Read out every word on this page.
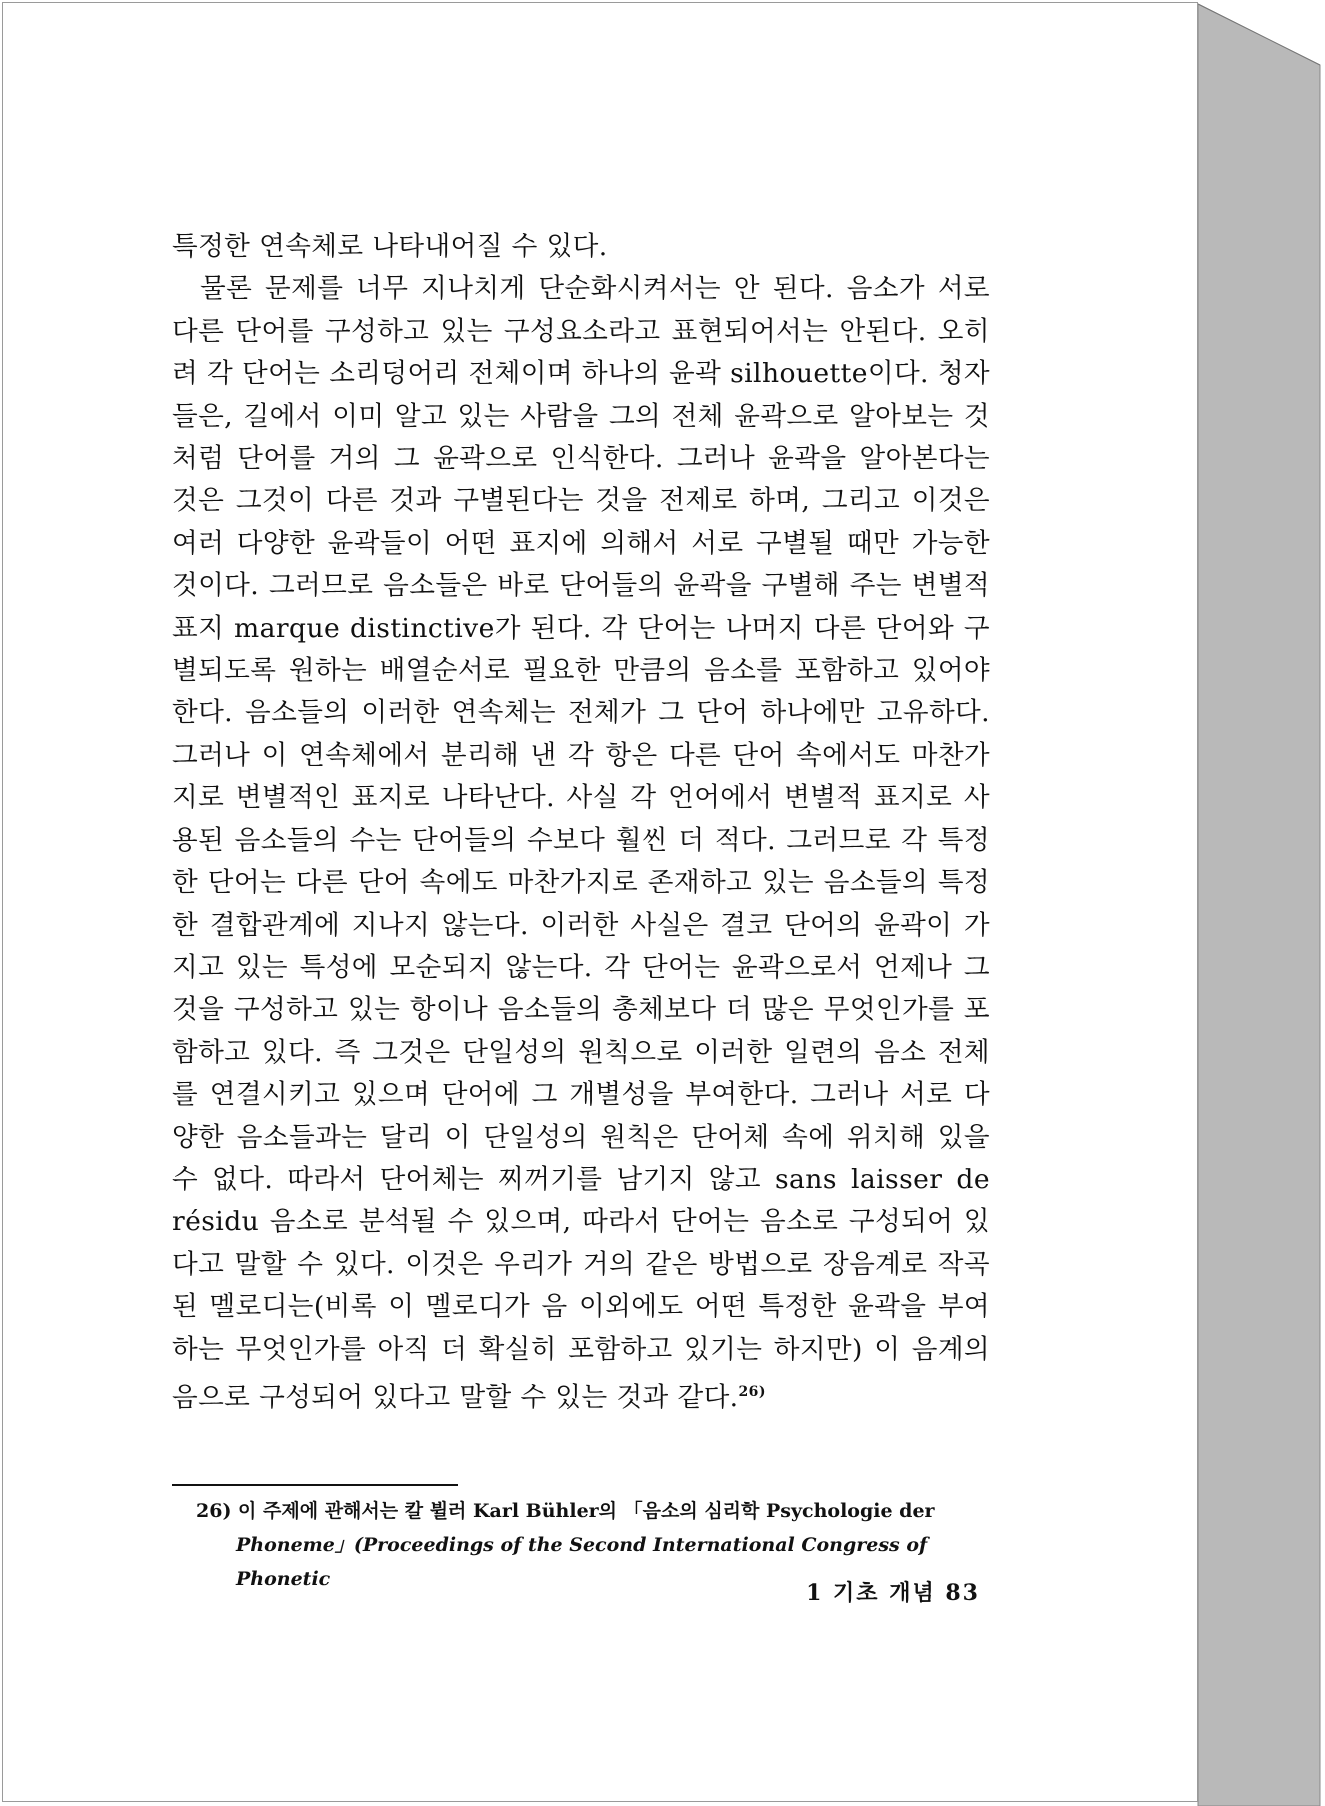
특정한 연속체로 나타내어질 수 있다.

물론 문제를 너무 지나치게 단순화시켜서는 안 된다. 음소가 서로 다른 단어를 구성하고 있는 구성요소라고 표현되어서는 안된다. 오히려 각 단어는 소리덩어리 전체이며 하나의 윤곽 silhouette이다. 청자들은, 길에서 이미 알고 있는 사람을 그의 전체 윤곽으로 알아보는 것처럼 단어를 거의 그 윤곽으로 인식한다. 그러나 윤곽을 알아본다는 것은 그것이 다른 것과 구별된다는 것을 전제로 하며, 그리고 이것은 여러 다양한 윤곽들이 어떤 표지에 의해서 서로 구별될 때만 가능한 것이다. 그러므로 음소들은 바로 단어들의 윤곽을 구별해 주는 변별적 표지 marque distinctive가 된다. 각 단어는 나머지 다른 단어와 구별되도록 원하는 배열순서로 필요한 만큼의 음소를 포함하고 있어야 한다. 음소들의 이러한 연속체는 전체가 그 단어 하나에만 고유하다. 그러나 이 연속체에서 분리해 낸 각 항은 다른 단어 속에서도 마찬가지로 변별적인 표지로 나타난다. 사실 각 언어에서 변별적 표지로 사용된 음소들의 수는 단어들의 수보다 훨씬 더 적다. 그러므로 각 특정한 단어는 다른 단어 속에도 마찬가지로 존재하고 있는 음소들의 특정한 결합관계에 지나지 않는다. 이러한 사실은 결코 단어의 윤곽이 가지고 있는 특성에 모순되지 않는다. 각 단어는 윤곽으로서 언제나 그것을 구성하고 있는 항이나 음소들의 총체보다 더 많은 무엇인가를 포함하고 있다. 즉 그것은 단일성의 원칙으로 이러한 일련의 음소 전체를 연결시키고 있으며 단어에 그 개별성을 부여한다. 그러나 서로 다양한 음소들과는 달리 이 단일성의 원칙은 단어체 속에 위치해 있을 수 없다. 따라서 단어체는 찌꺼기를 남기지 않고 sans laisser de résidu 음소로 분석될 수 있으며, 따라서 단어는 음소로 구성되어 있다고 말할 수 있다. 이것은 우리가 거의 같은 방법으로 장음계로 작곡된 멜로디는(비록 이 멜로디가 음 이외에도 어떤 특정한 윤곽을 부여하는 무엇인가를 아직 더 확실히 포함하고 있기는 하지만) 이 음계의 음으로 구성되어 있다고 말할 수 있는 것과 같다.$^{26)}$

26) 이 주제에 관해서는 칼 뷜러 Karl Bühler의 「음소의 심리학 Psychologie der
Phoneme」(Proceedings of the Second International Congress of Phonetic
1 기초 개념 83
